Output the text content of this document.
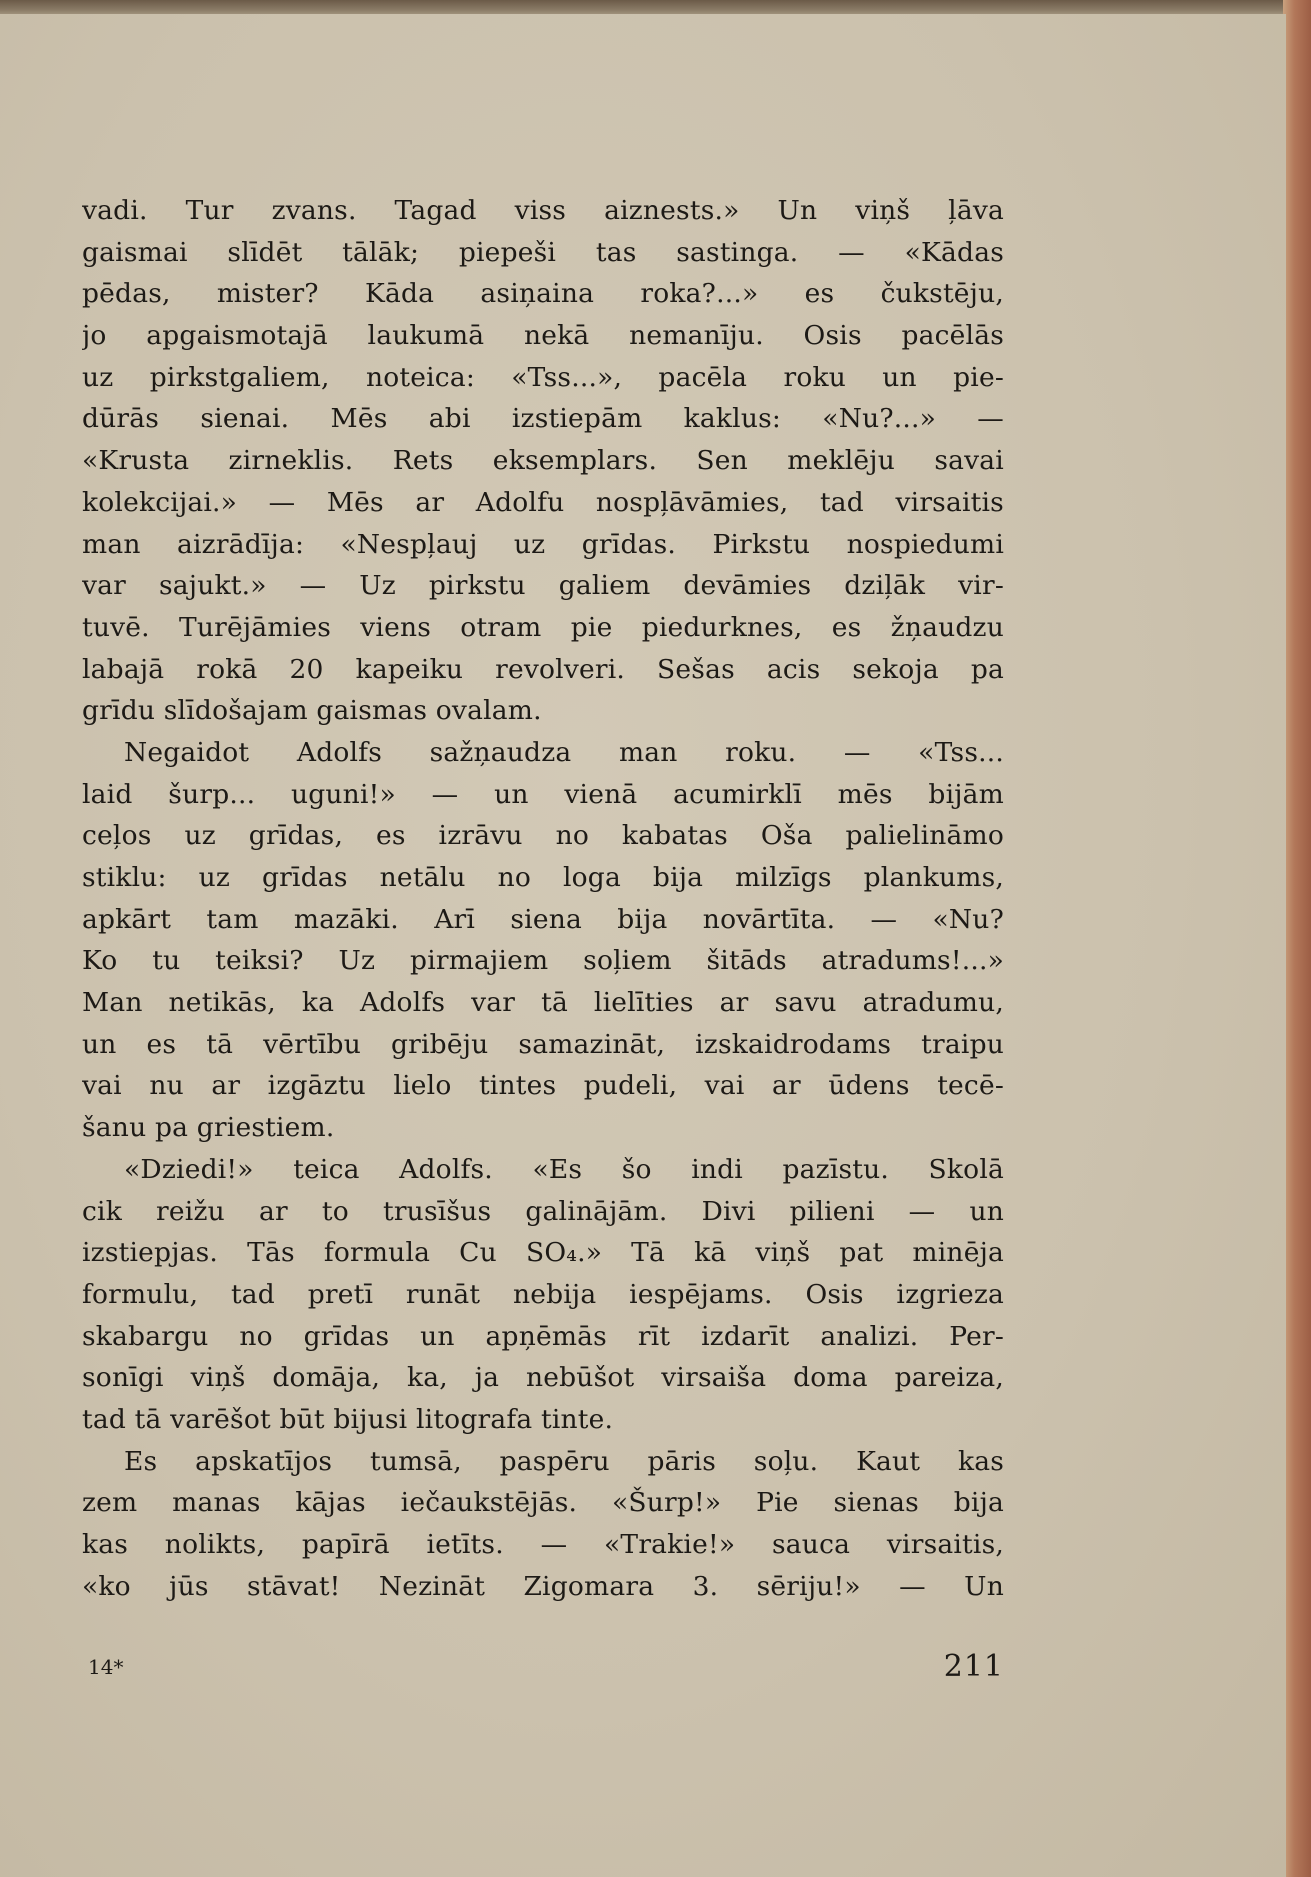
vadi. Tur zvans. Tagad viss aiznests.» Un viņš ļāva
gaismai slīdēt tālāk; piepeši tas sastinga. — «Kādas
pēdas, mister? Kāda asiņaina roka?...» es čukstēju,
jo apgaismotajā laukumā nekā nemanīju. Osis pacēlās
uz pirkstgaliem, noteica: «Tss...», pacēla roku un pie-
dūrās sienai. Mēs abi izstiepām kaklus: «Nu?...» —
«Krusta zirneklis. Rets eksemplars. Sen meklēju savai
kolekcijai.» — Mēs ar Adolfu nospļāvāmies, tad virsaitis
man aizrādīja: «Nespļauj uz grīdas. Pirkstu nospiedumi
var sajukt.» — Uz pirkstu galiem devāmies dziļāk vir-
tuvē. Turējāmies viens otram pie piedurknes, es žņaudzu
labajā rokā 20 kapeiku revolveri. Sešas acis sekoja pa
grīdu slīdošajam gaismas ovalam.
Negaidot Adolfs sažņaudza man roku. — «Tss...
laid šurp... uguni!» — un vienā acumirklī mēs bijām
ceļos uz grīdas, es izrāvu no kabatas Oša palielināmo
stiklu: uz grīdas netālu no loga bija milzīgs plankums,
apkārt tam mazāki. Arī siena bija novārtīta. — «Nu?
Ko tu teiksi? Uz pirmajiem soļiem šitāds atradums!...»
Man netikās, ka Adolfs var tā lielīties ar savu atradumu,
un es tā vērtību gribēju samazināt, izskaidrodams traipu
vai nu ar izgāztu lielo tintes pudeli, vai ar ūdens tecē-
šanu pa griestiem.
«Dziedi!» teica Adolfs. «Es šo indi pazīstu. Skolā
cik reižu ar to trusīšus galinājām. Divi pilieni — un
izstiepjas. Tās formula Cu SO₄.» Tā kā viņš pat minēja
formulu, tad pretī runāt nebija iespējams. Osis izgrieza
skabargu no grīdas un apņēmās rīt izdarīt analizi. Per-
sonīgi viņš domāja, ka, ja nebūšot virsaiša doma pareiza,
tad tā varēšot būt bijusi litografa tinte.
Es apskatījos tumsā, paspēru pāris soļu. Kaut kas
zem manas kājas iečaukstējās. «Šurp!» Pie sienas bija
kas nolikts, papīrā ietīts. — «Trakie!» sauca virsaitis,
«ko jūs stāvat! Nezināt Zigomara 3. sēriju!» — Un
14*	211
